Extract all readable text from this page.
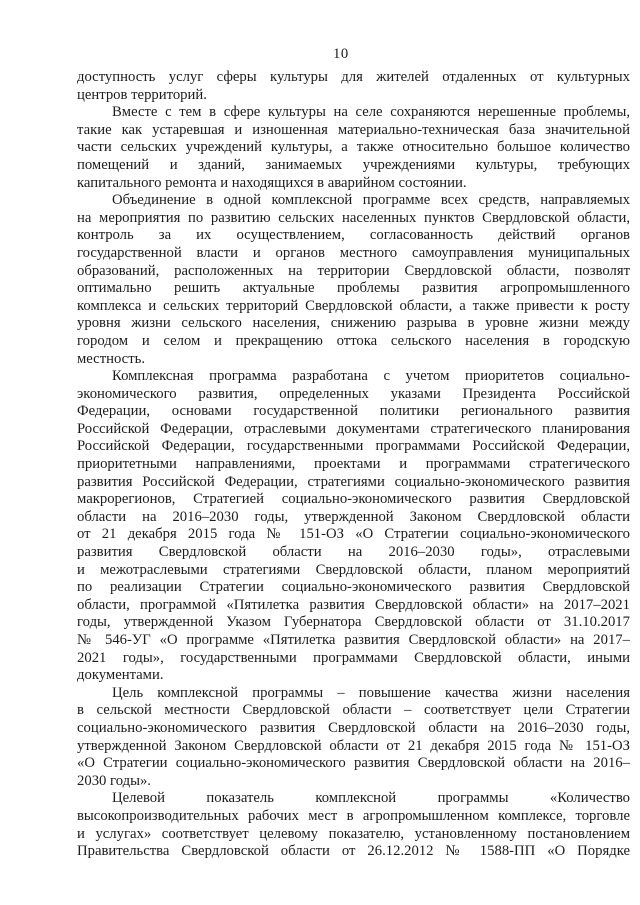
10
доступность услуг сферы культуры для жителей отдаленных от культурных
центров территорий.
Вместе с тем в сфере культуры на селе сохраняются нерешенные проблемы,
такие как устаревшая и изношенная материально-техническая база значительной
части сельских учреждений культуры, а также относительно большое количество
помещений и зданий, занимаемых учреждениями культуры, требующих
капитального ремонта и находящихся в аварийном состоянии.
Объединение в одной комплексной программе всех средств, направляемых
на мероприятия по развитию сельских населенных пунктов Свердловской области,
контроль за их осуществлением, согласованность действий органов
государственной власти и органов местного самоуправления муниципальных
образований, расположенных на территории Свердловской области, позволят
оптимально решить актуальные проблемы развития агропромышленного
комплекса и сельских территорий Свердловской области, а также привести к росту
уровня жизни сельского населения, снижению разрыва в уровне жизни между
городом и селом и прекращению оттока сельского населения в городскую
местность.
Комплексная программа разработана с учетом приоритетов социально-
экономического развития, определенных указами Президента Российской
Федерации, основами государственной политики регионального развития
Российской Федерации, отраслевыми документами стратегического планирования
Российской Федерации, государственными программами Российской Федерации,
приоритетными направлениями, проектами и программами стратегического
развития Российской Федерации, стратегиями социально-экономического развития
макрорегионов, Стратегией социально-экономического развития Свердловской
области на 2016–2030 годы, утвержденной Законом Свердловской области
от 21 декабря 2015 года № 151-ОЗ «О Стратегии социально-экономического
развития Свердловской области на 2016–2030 годы», отраслевыми
и межотраслевыми стратегиями Свердловской области, планом мероприятий
по реализации Стратегии социально-экономического развития Свердловской
области, программой «Пятилетка развития Свердловской области» на 2017–2021
годы, утвержденной Указом Губернатора Свердловской области от 31.10.2017
№ 546-УГ «О программе «Пятилетка развития Свердловской области» на 2017–
2021 годы», государственными программами Свердловской области, иными
документами.
Цель комплексной программы – повышение качества жизни населения
в сельской местности Свердловской области – соответствует цели Стратегии
социально-экономического развития Свердловской области на 2016–2030 годы,
утвержденной Законом Свердловской области от 21 декабря 2015 года № 151-ОЗ
«О Стратегии социально-экономического развития Свердловской области на 2016–
2030 годы».
Целевой показатель комплексной программы «Количество
высокопроизводительных рабочих мест в агропромышленном комплексе, торговле
и услугах» соответствует целевому показателю, установленному постановлением
Правительства Свердловской области от 26.12.2012 № 1588-ПП «О Порядке
